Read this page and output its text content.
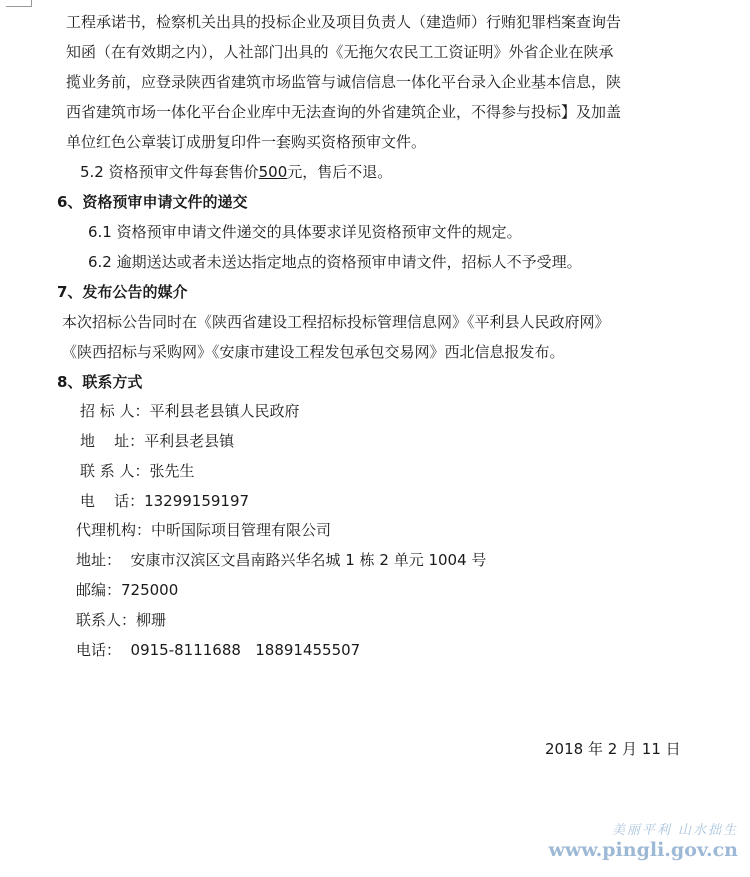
工程承诺书，检察机关出具的投标企业及项目负责人（建造师）行贿犯罪档案查询告
知函（在有效期之内），人社部门出具的《无拖欠农民工工资证明》外省企业在陕承
揽业务前，应登录陕西省建筑市场监管与诚信信息一体化平台录入企业基本信息，陕
西省建筑市场一体化平台企业库中无法查询的外省建筑企业，不得参与投标】及加盖
单位红色公章装订成册复印件一套购买资格预审文件。
5.2 资格预审文件每套售价500元，售后不退。
6、资格预审申请文件的递交
6.1 资格预审申请文件递交的具体要求详见资格预审文件的规定。
6.2 逾期送达或者未送达指定地点的资格预审申请文件，招标人不予受理。
7、发布公告的媒介
本次招标公告同时在《陕西省建设工程招标投标管理信息网》《平利县人民政府网》
《陕西招标与采购网》《安康市建设工程发包承包交易网》西北信息报发布。
8、联系方式
招 标 人：平利县老县镇人民政府
地    址：平利县老县镇
联 系 人：张先生
电    话：13299159197
代理机构：中昕国际项目管理有限公司
地址：  安康市汉滨区文昌南路兴华名城 1 栋 2 单元 1004 号
邮编：725000
联系人：柳珊
电话：  0915-8111688   18891455507
2018 年 2 月 11 日
美丽平利 山水拙生
www.pingli.gov.cn
